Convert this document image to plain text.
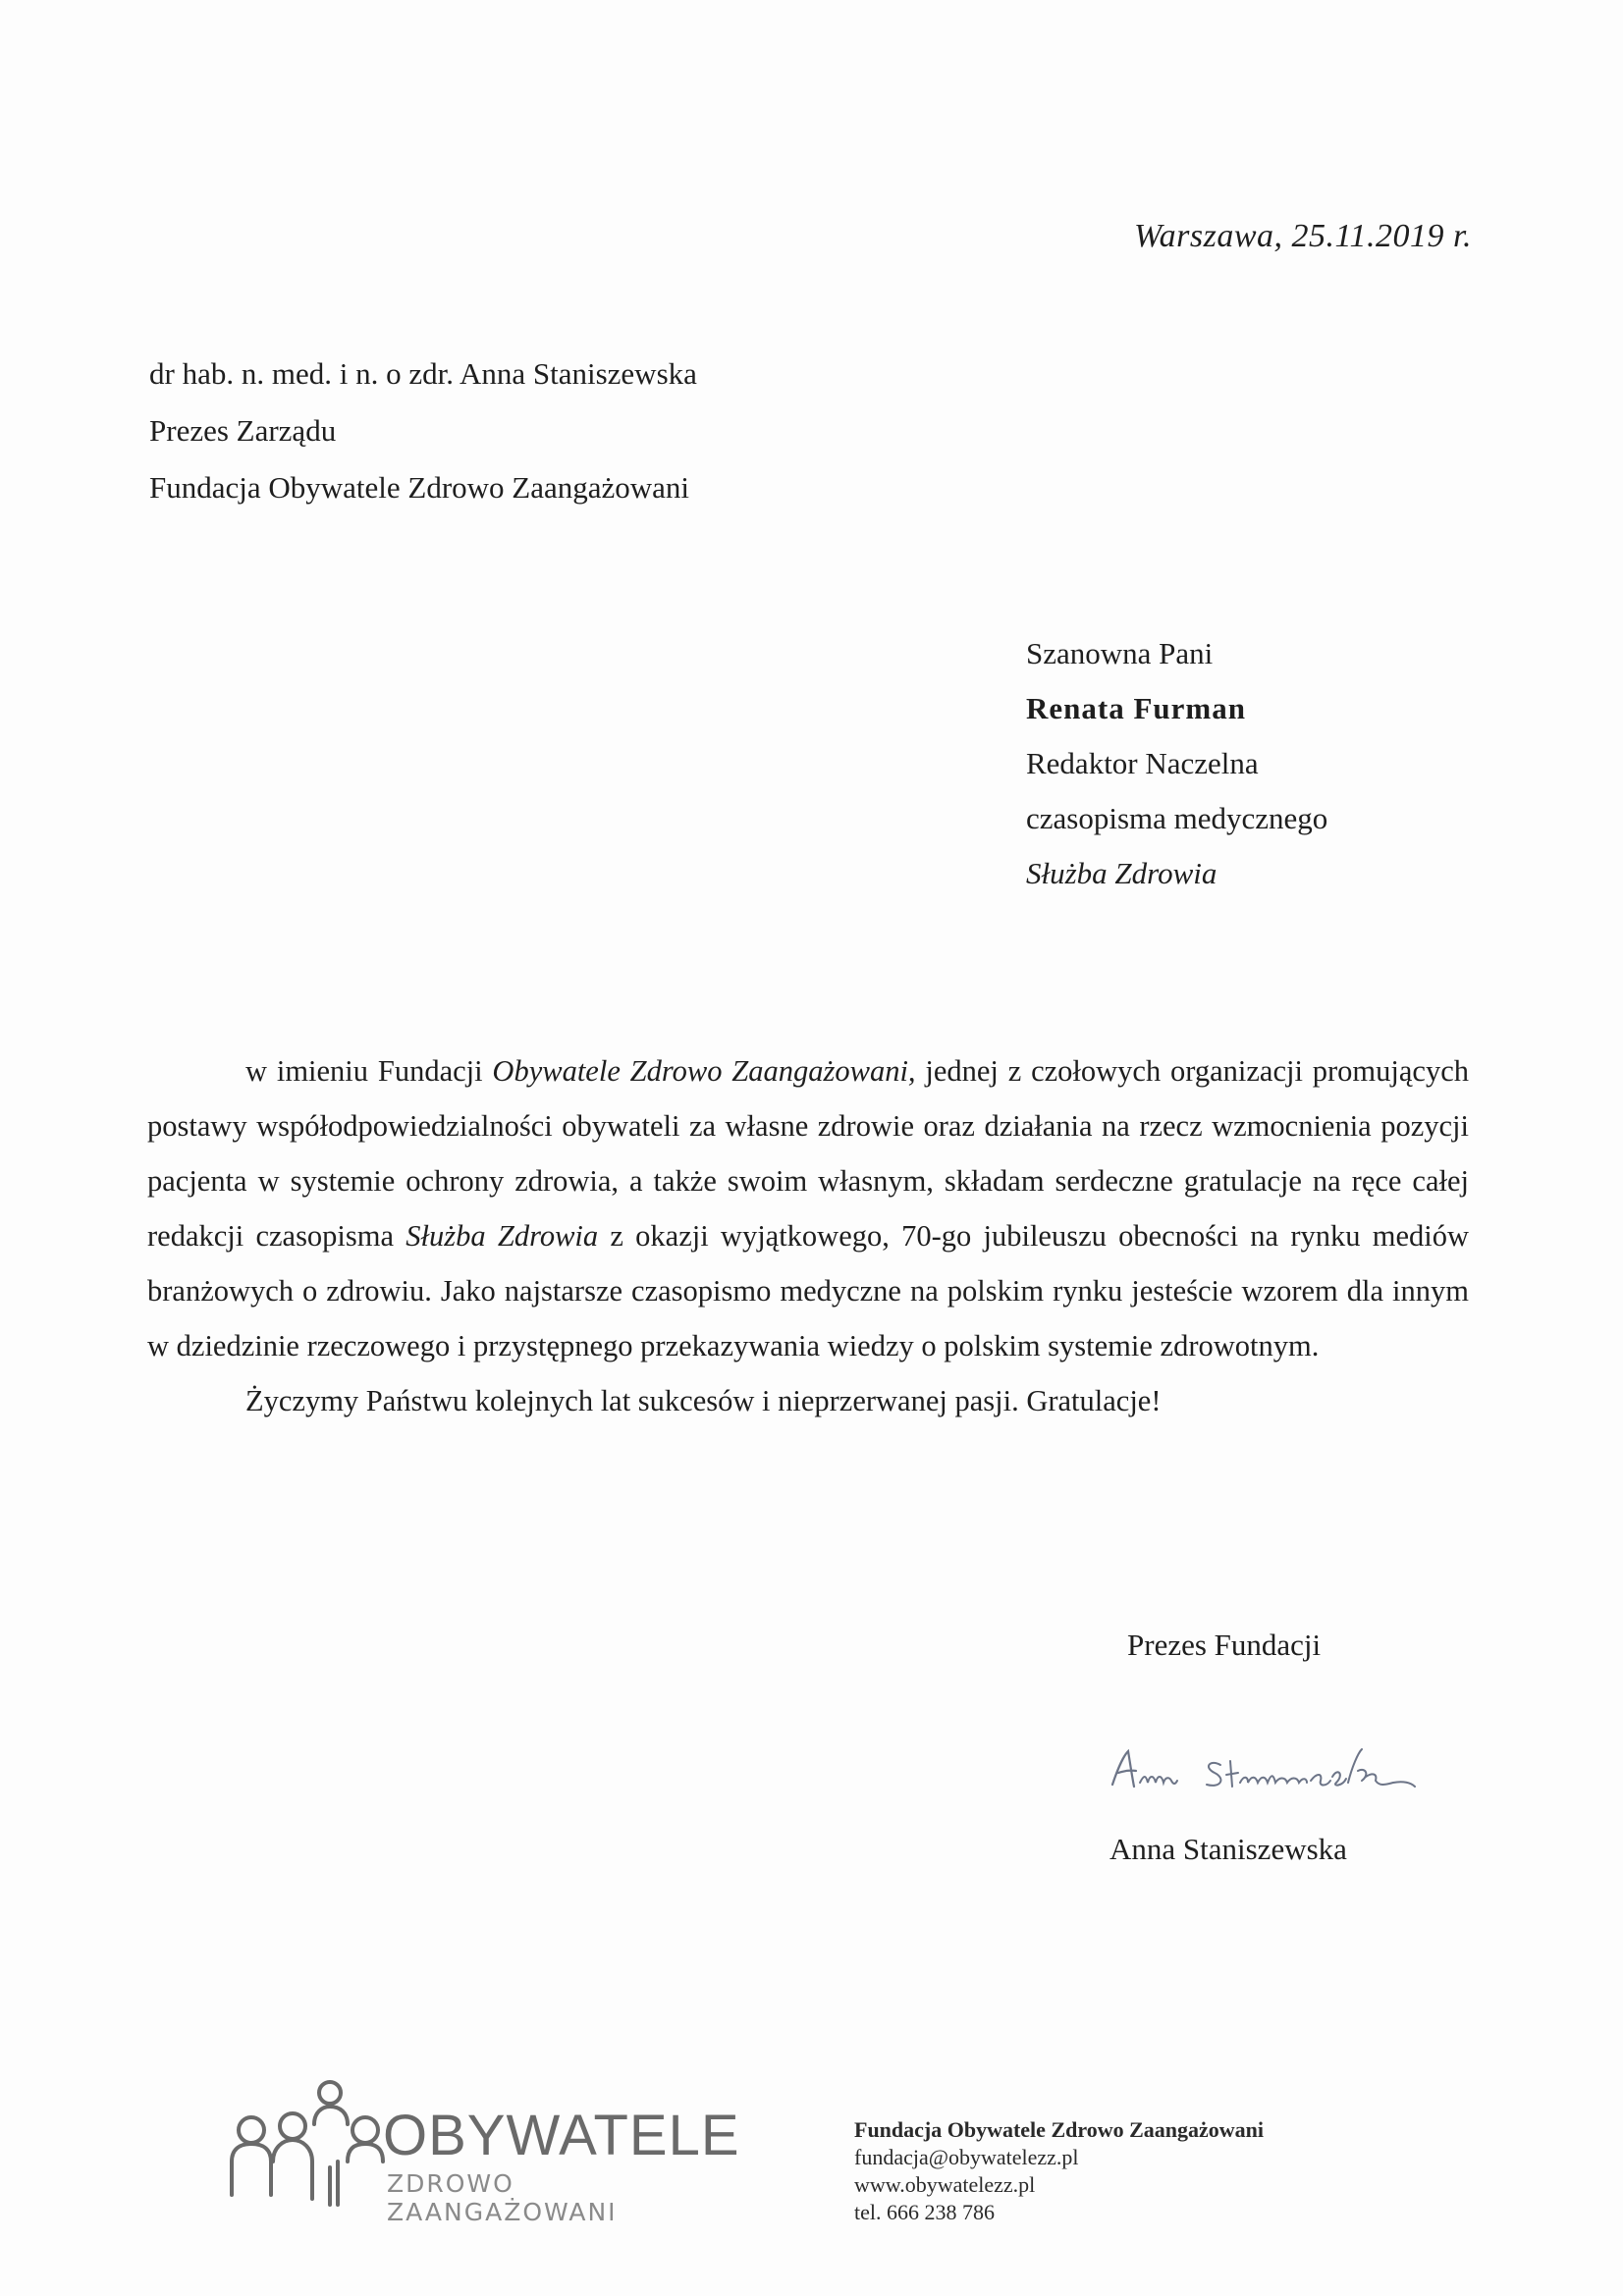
Warszawa, 25.11.2019 r.
dr hab. n. med. i n. o zdr. Anna Staniszewska
Prezes Zarządu
Fundacja Obywatele Zdrowo Zaangażowani
Szanowna Pani
Renata Furman
Redaktor Naczelna
czasopisma medycznego
Służba Zdrowia

w imieniu Fundacji Obywatele Zdrowo Zaangażowani, jednej z czołowych organizacji promujących postawy współodpowiedzialności obywateli za własne zdrowie oraz działania na rzecz wzmocnienia pozycji pacjenta w systemie ochrony zdrowia, a także swoim własnym, składam serdeczne gratulacje na ręce całej redakcji czasopisma Służba Zdrowia z okazji wyjątkowego, 70-go jubileuszu obecności na rynku mediów branżowych o zdrowiu. Jako najstarsze czasopismo medyczne na polskim rynku jesteście wzorem dla innym w dziedzinie rzeczowego i przystępnego przekazywania wiedzy o polskim systemie zdrowotnym.

Życzymy Państwu kolejnych lat sukcesów i nieprzerwanej pasji. Gratulacje!

Prezes Fundacji
Anna Staniszewska
OBYWATELE
ZDROWO ZAANGAŻOWANI
Fundacja Obywatele Zdrowo Zaangażowani
fundacja@obywatelezz.pl
www.obywatelezz.pl
tel. 666 238 786
